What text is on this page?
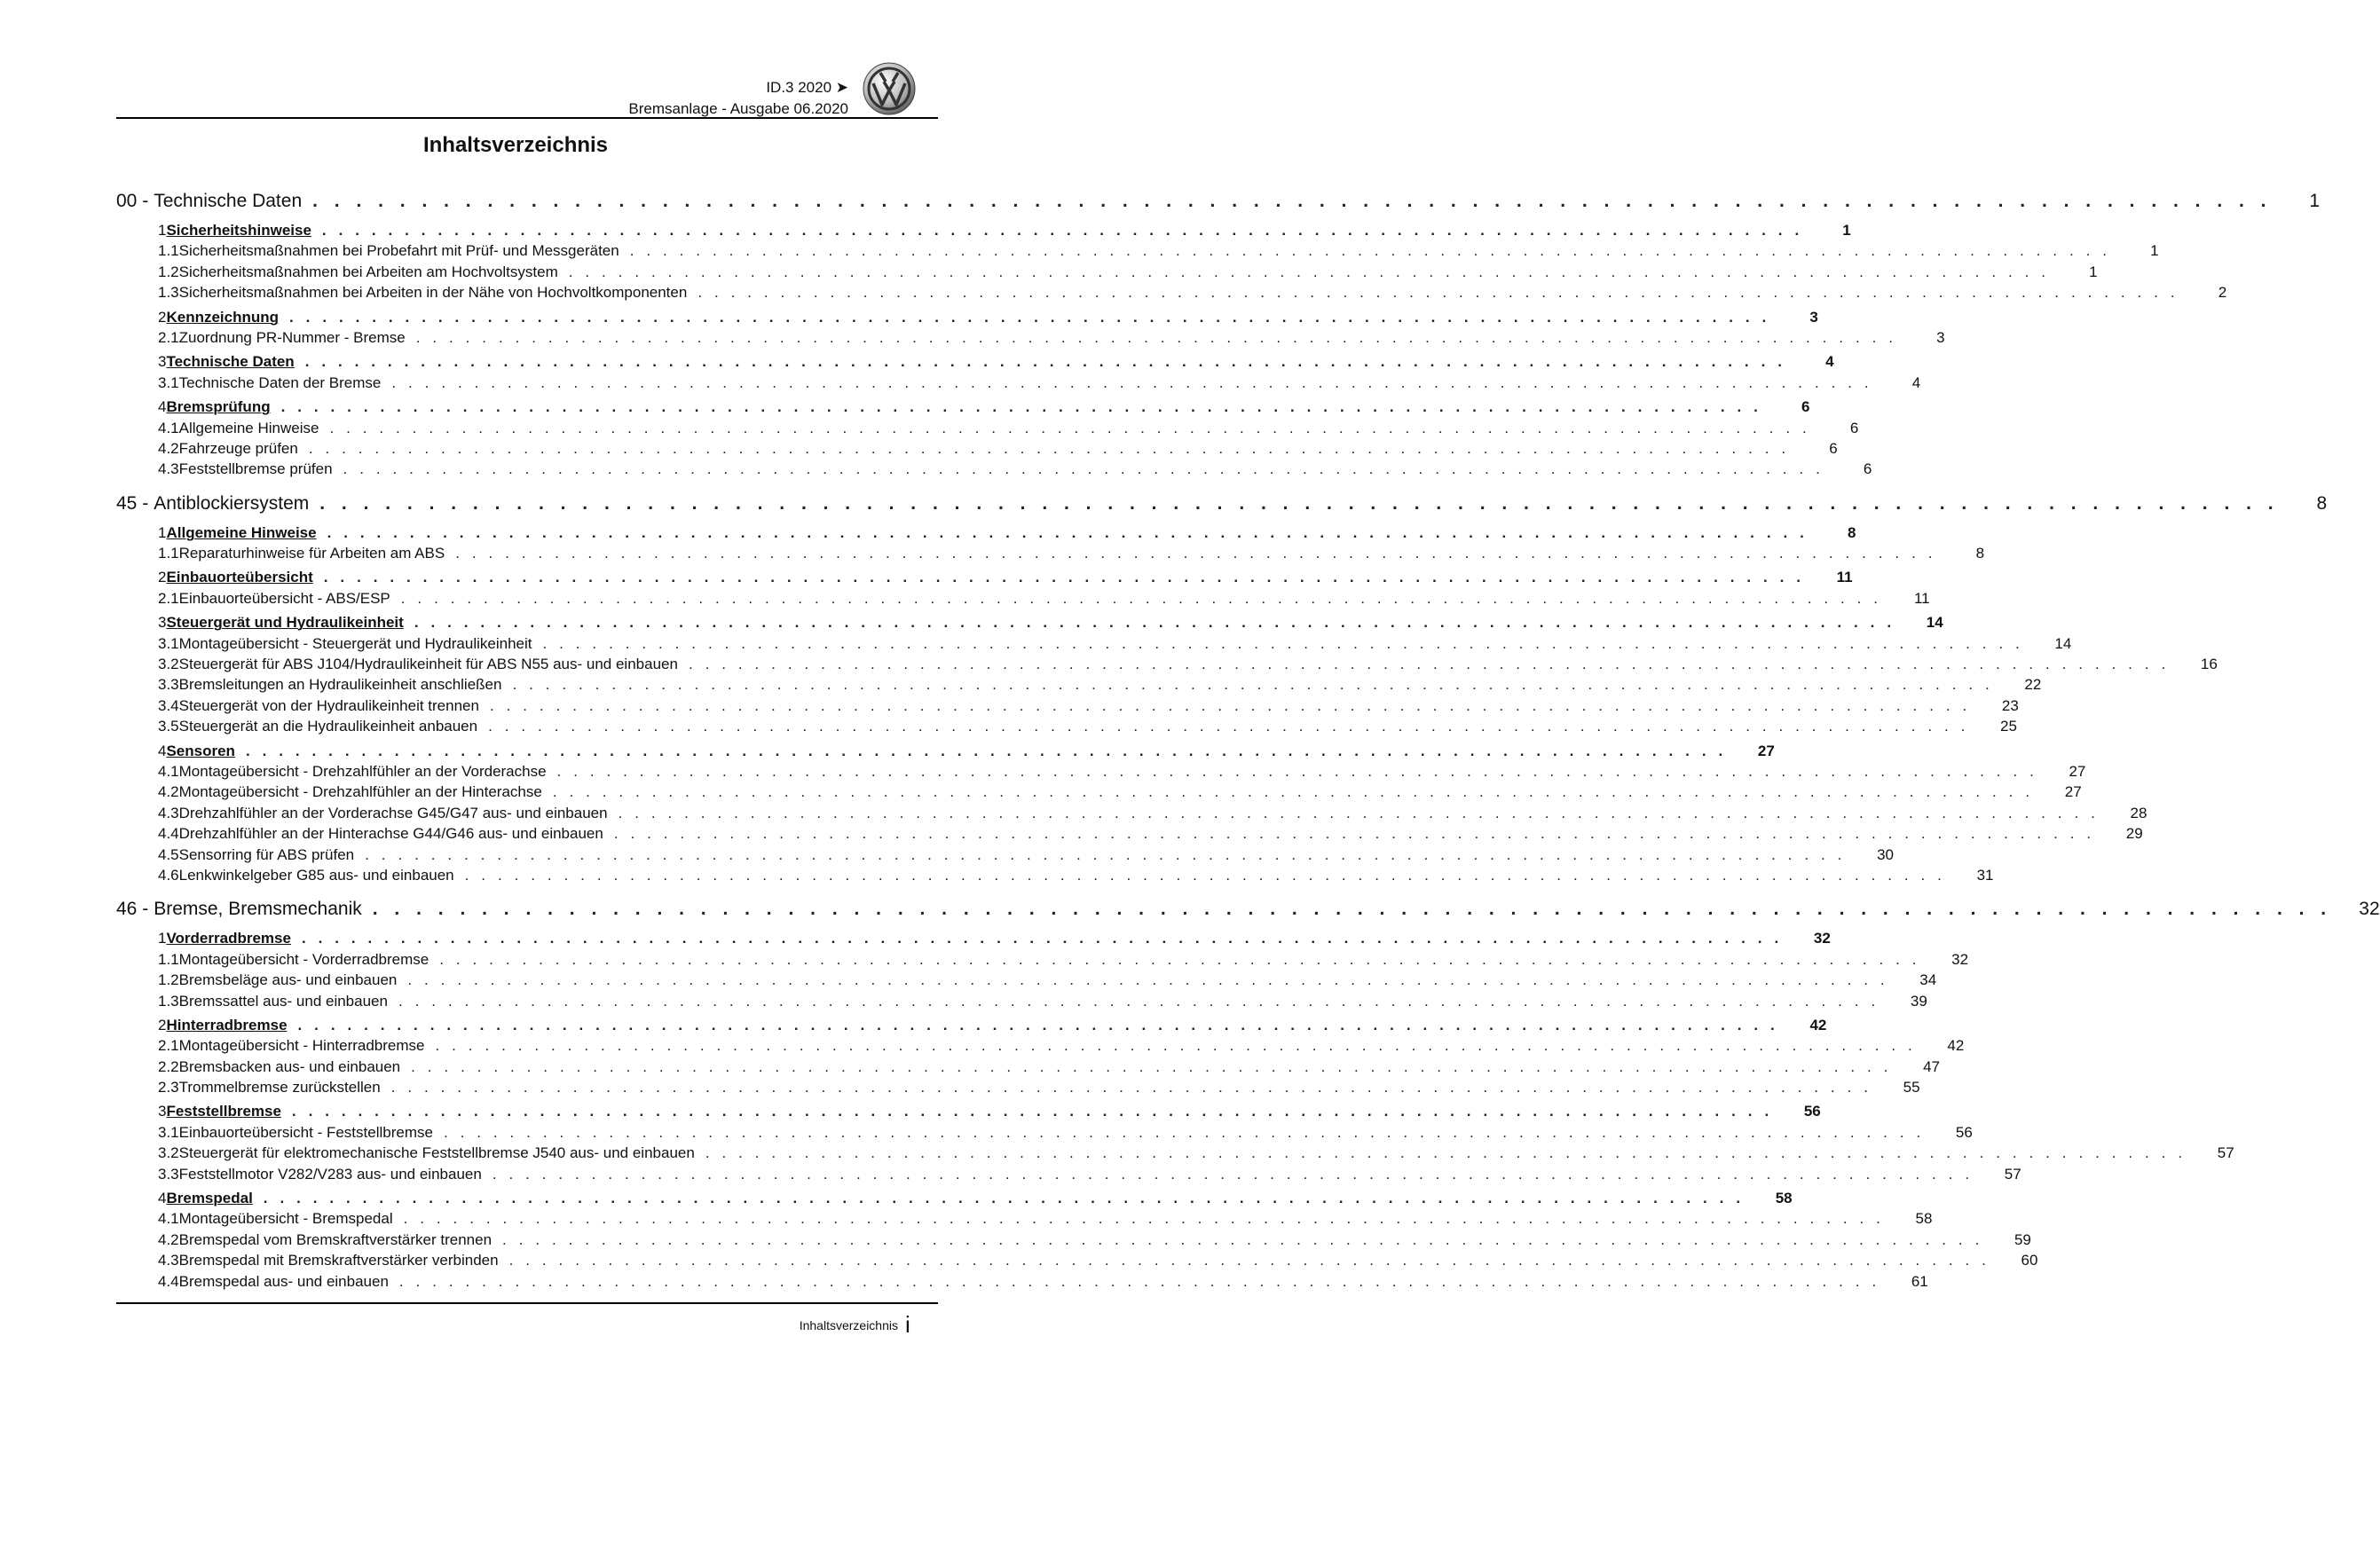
ID.3 2020 ➤
Bremsanlage - Ausgabe 06.2020
Inhaltsverzeichnis
00 - Technische Daten . . . . . . . . . . . . . . . . . . . . . . . . . . . . . . . . . . . . . . . . . . . . . . . . . . . . . . . . . . . . . . . . . . . . . . . . . . . . . . . . . . . . . . . . . .	1
1 Sicherheitshinweise . . . . . . . . . . . . . . . . . . . . . . . . . . . . . . . . . . . . . . . . . . . . . . . . . . . . . . . . . . . . . . . . . . . . . . . . . . . . . . . . . . . . . . . . . .	1
1.1 Sicherheitsmaßnahmen bei Probefahrt mit Prüf- und Messgeräten . . . . . . . . . . . . . . . . . . . . . . . . . . . . . . . . . . . . . . . . . . . . . . . . . . . . . . . . . . . . . . . . . . . . . . . . . . . . . . . . . . . . . . . . . .	1
1.2 Sicherheitsmaßnahmen bei Arbeiten am Hochvoltsystem . . . . . . . . . . . . . . . . . . . . . . . . . . . . . . . . . . . . . . . . . . . . . . . . . . . . . . . . . . . . . . . . . . . . . . . . . . . . . . . . . . . . . . . . . .	1
1.3 Sicherheitsmaßnahmen bei Arbeiten in der Nähe von Hochvoltkomponenten . . . . . . . . . . . . . . . . . . . . . . . . . . . . . . . . . . . . . . . . . . . . . . . . . . . . . . . . . . . . . . . . . . . . . . . . . . . . . . . . . . . . . . . . . .	2
2 Kennzeichnung . . . . . . . . . . . . . . . . . . . . . . . . . . . . . . . . . . . . . . . . . . . . . . . . . . . . . . . . . . . . . . . . . . . . . . . . . . . . . . . . . . . . . . . . . .	3
2.1 Zuordnung PR-Nummer - Bremse . . . . . . . . . . . . . . . . . . . . . . . . . . . . . . . . . . . . . . . . . . . . . . . . . . . . . . . . . . . . . . . . . . . . . . . . . . . . . . . . . . . . . . . . . .	3
3 Technische Daten . . . . . . . . . . . . . . . . . . . . . . . . . . . . . . . . . . . . . . . . . . . . . . . . . . . . . . . . . . . . . . . . . . . . . . . . . . . . . . . . . . . . . . . . . .	4
3.1 Technische Daten der Bremse . . . . . . . . . . . . . . . . . . . . . . . . . . . . . . . . . . . . . . . . . . . . . . . . . . . . . . . . . . . . . . . . . . . . . . . . . . . . . . . . . . . . . . . . . .	4
4 Bremsprüfung . . . . . . . . . . . . . . . . . . . . . . . . . . . . . . . . . . . . . . . . . . . . . . . . . . . . . . . . . . . . . . . . . . . . . . . . . . . . . . . . . . . . . . . . . .	6
4.1 Allgemeine Hinweise . . . . . . . . . . . . . . . . . . . . . . . . . . . . . . . . . . . . . . . . . . . . . . . . . . . . . . . . . . . . . . . . . . . . . . . . . . . . . . . . . . . . . . . . . .	6
4.2 Fahrzeuge prüfen . . . . . . . . . . . . . . . . . . . . . . . . . . . . . . . . . . . . . . . . . . . . . . . . . . . . . . . . . . . . . . . . . . . . . . . . . . . . . . . . . . . . . . . . . .	6
4.3 Feststellbremse prüfen . . . . . . . . . . . . . . . . . . . . . . . . . . . . . . . . . . . . . . . . . . . . . . . . . . . . . . . . . . . . . . . . . . . . . . . . . . . . . . . . . . . . . . . . . .	6
45 - Antiblockiersystem . . . . . . . . . . . . . . . . . . . . . . . . . . . . . . . . . . . . . . . . . . . . . . . . . . . . . . . . . . . . . . . . . . . . . . . . . . . . . . . . . . . . . . . . . .	8
1 Allgemeine Hinweise . . . . . . . . . . . . . . . . . . . . . . . . . . . . . . . . . . . . . . . . . . . . . . . . . . . . . . . . . . . . . . . . . . . . . . . . . . . . . . . . . . . . . . . . . .	8
1.1 Reparaturhinweise für Arbeiten am ABS . . . . . . . . . . . . . . . . . . . . . . . . . . . . . . . . . . . . . . . . . . . . . . . . . . . . . . . . . . . . . . . . . . . . . . . . . . . . . . . . . . . . . . . . . .	8
2 Einbauorteübersicht . . . . . . . . . . . . . . . . . . . . . . . . . . . . . . . . . . . . . . . . . . . . . . . . . . . . . . . . . . . . . . . . . . . . . . . . . . . . . . . . . . . . . . . . . .	11
2.1 Einbauorteübersicht - ABS/ESP . . . . . . . . . . . . . . . . . . . . . . . . . . . . . . . . . . . . . . . . . . . . . . . . . . . . . . . . . . . . . . . . . . . . . . . . . . . . . . . . . . . . . . . . . .	11
3 Steuergerät und Hydraulikeinheit . . . . . . . . . . . . . . . . . . . . . . . . . . . . . . . . . . . . . . . . . . . . . . . . . . . . . . . . . . . . . . . . . . . . . . . . . . . . . . . . . . . . . . . . . .	14
3.1 Montageübersicht - Steuergerät und Hydraulikeinheit . . . . . . . . . . . . . . . . . . . . . . . . . . . . . . . . . . . . . . . . . . . . . . . . . . . . . . . . . . . . . . . . . . . . . . . . . . . . . . . . . . . . . . . . . .	14
3.2 Steuergerät für ABS J104/Hydraulikeinheit für ABS N55 aus- und einbauen . . . . . . . . . . . . . . . . . . . . . . . . . . . . . . . . . . . . . . . . . . . . . . . . . . . . . . . . . . . . . . . . . . . . . . . . . . . . . . . . . . . . . . . . . .	16
3.3 Bremsleitungen an Hydraulikeinheit anschließen . . . . . . . . . . . . . . . . . . . . . . . . . . . . . . . . . . . . . . . . . . . . . . . . . . . . . . . . . . . . . . . . . . . . . . . . . . . . . . . . . . . . . . . . . .	22
3.4 Steuergerät von der Hydraulikeinheit trennen . . . . . . . . . . . . . . . . . . . . . . . . . . . . . . . . . . . . . . . . . . . . . . . . . . . . . . . . . . . . . . . . . . . . . . . . . . . . . . . . . . . . . . . . . .	23
3.5 Steuergerät an die Hydraulikeinheit anbauen . . . . . . . . . . . . . . . . . . . . . . . . . . . . . . . . . . . . . . . . . . . . . . . . . . . . . . . . . . . . . . . . . . . . . . . . . . . . . . . . . . . . . . . . . .	25
4 Sensoren . . . . . . . . . . . . . . . . . . . . . . . . . . . . . . . . . . . . . . . . . . . . . . . . . . . . . . . . . . . . . . . . . . . . . . . . . . . . . . . . . . . . . . . . . .	27
4.1 Montageübersicht - Drehzahlfühler an der Vorderachse . . . . . . . . . . . . . . . . . . . . . . . . . . . . . . . . . . . . . . . . . . . . . . . . . . . . . . . . . . . . . . . . . . . . . . . . . . . . . . . . . . . . . . . . . .	27
4.2 Montageübersicht - Drehzahlfühler an der Hinterachse . . . . . . . . . . . . . . . . . . . . . . . . . . . . . . . . . . . . . . . . . . . . . . . . . . . . . . . . . . . . . . . . . . . . . . . . . . . . . . . . . . . . . . . . . .	27
4.3 Drehzahlfühler an der Vorderachse G45/G47 aus- und einbauen . . . . . . . . . . . . . . . . . . . . . . . . . . . . . . . . . . . . . . . . . . . . . . . . . . . . . . . . . . . . . . . . . . . . . . . . . . . . . . . . . . . . . . . . . .	28
4.4 Drehzahlfühler an der Hinterachse G44/G46 aus- und einbauen . . . . . . . . . . . . . . . . . . . . . . . . . . . . . . . . . . . . . . . . . . . . . . . . . . . . . . . . . . . . . . . . . . . . . . . . . . . . . . . . . . . . . . . . . .	29
4.5 Sensorring für ABS prüfen . . . . . . . . . . . . . . . . . . . . . . . . . . . . . . . . . . . . . . . . . . . . . . . . . . . . . . . . . . . . . . . . . . . . . . . . . . . . . . . . . . . . . . . . . .	30
4.6 Lenkwinkelgeber G85 aus- und einbauen . . . . . . . . . . . . . . . . . . . . . . . . . . . . . . . . . . . . . . . . . . . . . . . . . . . . . . . . . . . . . . . . . . . . . . . . . . . . . . . . . . . . . . . . . .	31
46 - Bremse, Bremsmechanik . . . . . . . . . . . . . . . . . . . . . . . . . . . . . . . . . . . . . . . . . . . . . . . . . . . . . . . . . . . . . . . . . . . . . . . . . . . . . . . . . . . . . . . . . .	32
1 Vorderradbremse . . . . . . . . . . . . . . . . . . . . . . . . . . . . . . . . . . . . . . . . . . . . . . . . . . . . . . . . . . . . . . . . . . . . . . . . . . . . . . . . . . . . . . . . . .	32
1.1 Montageübersicht - Vorderradbremse . . . . . . . . . . . . . . . . . . . . . . . . . . . . . . . . . . . . . . . . . . . . . . . . . . . . . . . . . . . . . . . . . . . . . . . . . . . . . . . . . . . . . . . . . .	32
1.2 Bremsbeläge aus- und einbauen . . . . . . . . . . . . . . . . . . . . . . . . . . . . . . . . . . . . . . . . . . . . . . . . . . . . . . . . . . . . . . . . . . . . . . . . . . . . . . . . . . . . . . . . . .	34
1.3 Bremssattel aus- und einbauen . . . . . . . . . . . . . . . . . . . . . . . . . . . . . . . . . . . . . . . . . . . . . . . . . . . . . . . . . . . . . . . . . . . . . . . . . . . . . . . . . . . . . . . . . .	39
2 Hinterradbremse . . . . . . . . . . . . . . . . . . . . . . . . . . . . . . . . . . . . . . . . . . . . . . . . . . . . . . . . . . . . . . . . . . . . . . . . . . . . . . . . . . . . . . . . . .	42
2.1 Montageübersicht - Hinterradbremse . . . . . . . . . . . . . . . . . . . . . . . . . . . . . . . . . . . . . . . . . . . . . . . . . . . . . . . . . . . . . . . . . . . . . . . . . . . . . . . . . . . . . . . . . .	42
2.2 Bremsbacken aus- und einbauen . . . . . . . . . . . . . . . . . . . . . . . . . . . . . . . . . . . . . . . . . . . . . . . . . . . . . . . . . . . . . . . . . . . . . . . . . . . . . . . . . . . . . . . . . .	47
2.3 Trommelbremse zurückstellen . . . . . . . . . . . . . . . . . . . . . . . . . . . . . . . . . . . . . . . . . . . . . . . . . . . . . . . . . . . . . . . . . . . . . . . . . . . . . . . . . . . . . . . . . .	55
3 Feststellbremse . . . . . . . . . . . . . . . . . . . . . . . . . . . . . . . . . . . . . . . . . . . . . . . . . . . . . . . . . . . . . . . . . . . . . . . . . . . . . . . . . . . . . . . . . .	56
3.1 Einbauorteübersicht - Feststellbremse . . . . . . . . . . . . . . . . . . . . . . . . . . . . . . . . . . . . . . . . . . . . . . . . . . . . . . . . . . . . . . . . . . . . . . . . . . . . . . . . . . . . . . . . . .	56
3.2 Steuergerät für elektromechanische Feststellbremse J540 aus- und einbauen . . . . . . . . . . . . . . . . . . . . . . . . . . . . . . . . . . . . . . . . . . . . . . . . . . . . . . . . . . . . . . . . . . . . . . . . . . . . . . . . . . . . . . . . . .	57
3.3 Feststellmotor V282/V283 aus- und einbauen . . . . . . . . . . . . . . . . . . . . . . . . . . . . . . . . . . . . . . . . . . . . . . . . . . . . . . . . . . . . . . . . . . . . . . . . . . . . . . . . . . . . . . . . . .	57
4 Bremspedal . . . . . . . . . . . . . . . . . . . . . . . . . . . . . . . . . . . . . . . . . . . . . . . . . . . . . . . . . . . . . . . . . . . . . . . . . . . . . . . . . . . . . . . . . .	58
4.1 Montageübersicht - Bremspedal . . . . . . . . . . . . . . . . . . . . . . . . . . . . . . . . . . . . . . . . . . . . . . . . . . . . . . . . . . . . . . . . . . . . . . . . . . . . . . . . . . . . . . . . . .	58
4.2 Bremspedal vom Bremskraftverstärker trennen . . . . . . . . . . . . . . . . . . . . . . . . . . . . . . . . . . . . . . . . . . . . . . . . . . . . . . . . . . . . . . . . . . . . . . . . . . . . . . . . . . . . . . . . . .	59
4.3 Bremspedal mit Bremskraftverstärker verbinden . . . . . . . . . . . . . . . . . . . . . . . . . . . . . . . . . . . . . . . . . . . . . . . . . . . . . . . . . . . . . . . . . . . . . . . . . . . . . . . . . . . . . . . . . .	60
4.4 Bremspedal aus- und einbauen . . . . . . . . . . . . . . . . . . . . . . . . . . . . . . . . . . . . . . . . . . . . . . . . . . . . . . . . . . . . . . . . . . . . . . . . . . . . . . . . . . . . . . . . . .	61
Inhaltsverzeichnis i
